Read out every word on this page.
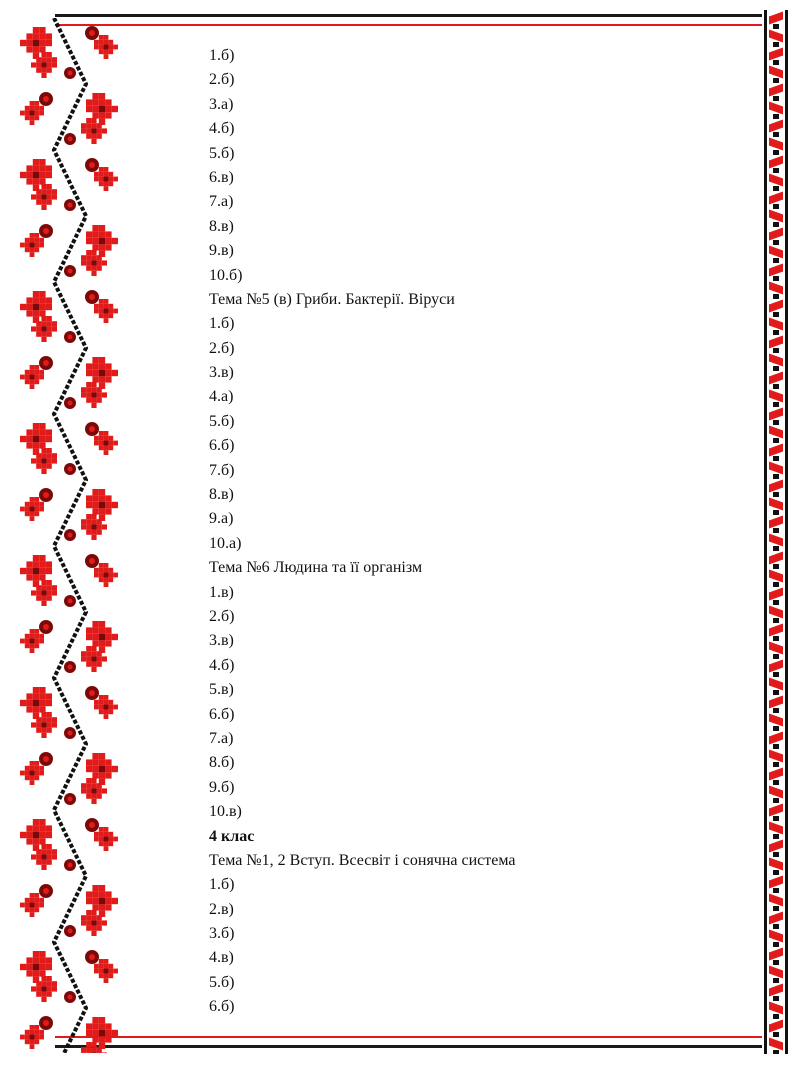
1.б)
2.б)
3.а)
4.б)
5.б)
6.в)
7.а)
8.в)
9.в)
10.б)
Тема №5 (в) Гриби. Бактерії. Віруси
1.б)
2.б)
3.в)
4.а)
5.б)
6.б)
7.б)
8.в)
9.а)
10.а)
Тема №6 Людина та її організм
1.в)
2.б)
3.в)
4.б)
5.в)
6.б)
7.а)
8.б)
9.б)
10.в)
4 клас
Тема №1, 2 Вступ. Всесвіт і сонячна система
1.б)
2.в)
3.б)
4.в)
5.б)
6.б)
